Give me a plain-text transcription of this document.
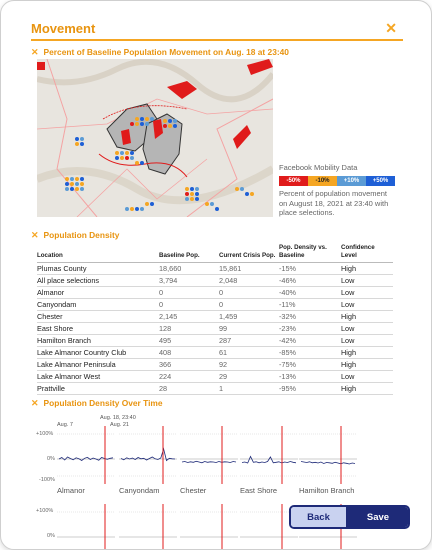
Movement	✕
✕ Percent of Baseline Population Movement on Aug. 18 at 23:40
Facebook Mobility Data
-50%	-10%	+10%	+50%
Percent of population movement on August 18, 2021 at 23:40 with place selections.
✕ Population Density
Location	Baseline Pop.	Current Crisis Pop.	Pop. Density vs. Baseline	Confidence Level
Plumas County	18,660	15,861	-15%	High
All place selections	3,794	2,048	-46%	Low
Almanor	0	0	-40%	Low
Canyondam	0	0	-11%	Low
Chester	2,145	1,459	-32%	High
East Shore	128	99	-23%	Low
Hamilton Branch	495	287	-42%	Low
Lake Almanor Country Club	408	61	-85%	High
Lake Almanor Peninsula	366	92	-75%	High
Lake Almanor West	224	29	-13%	Low
Prattville	28	1	-95%	High
✕ Population Density Over Time
Aug. 7
Aug. 18, 23:40
Aug. 21
+100%
0%
-100%
+100%
0%
Almanor	Canyondam	Chester	East Shore	Hamilton Branch
Back	Save
